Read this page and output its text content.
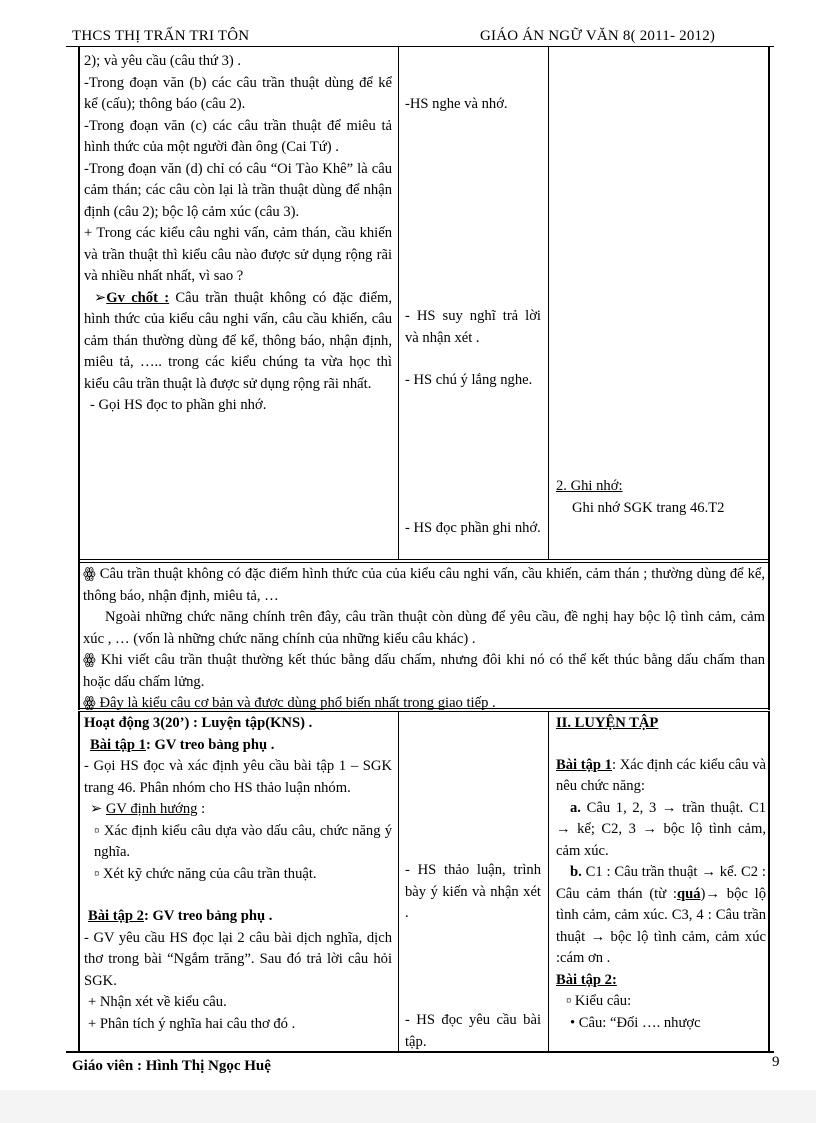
THCS THỊ TRẤN TRI TÔN	GIÁO ÁN NGỮ VĂN 8( 2011- 2012)
2); và yêu cầu (câu thứ 3) .
-Trong đoạn văn (b) các câu trần thuật dùng để kể kể (cấu); thông báo (câu 2).
-Trong đoạn văn (c) các câu trần thuật để miêu tả hình thức của một người đàn ông (Cai Tứ) .
-Trong đoạn văn (d) chỉ có câu “Oi Tào Khê” là câu cảm thán; các câu còn lại là trần thuật dùng để nhận định (câu 2); bộc lộ cảm xúc (câu 3).
+ Trong các kiểu câu nghi vấn, cảm thán, cầu khiến và trần thuật thì kiểu câu nào được sử dụng rộng rãi và nhiều nhất nhất, vì sao ?
➢Gv chốt : Câu trần thuật không có đặc điểm, hình thức của kiểu câu nghi vấn, câu cầu khiến, câu cảm thán thường dùng để kể, thông báo, nhận định, miêu tả, ….. trong các kiểu chúng ta vừa học thì kiểu câu trần thuật là được sử dụng rộng rãi nhất.
- Gọi HS đọc to phần ghi nhớ.
-HS nghe và nhớ.
- HS suy nghĩ trả lời và nhận xét .
- HS chú ý lắng nghe.
- HS đọc phần ghi nhớ.
2. Ghi nhớ:
Ghi nhớ SGK trang 46.T2
ꙮ Câu trần thuật không có đặc điểm hình thức của của kiểu câu nghi vấn, cầu khiến, cảm thán ; thường dùng để kể, thông báo, nhận định, miêu tả, …
Ngoài những chức năng chính trên đây, câu trần thuật còn dùng để yêu cầu, đề nghị hay bộc lộ tình cảm, cảm xúc , … (vốn là những chức năng chính của những kiểu câu khác) .
ꙮ Khi viết câu trần thuật thường kết thúc bằng dấu chấm, nhưng đôi khi nó có thể kết thúc bằng dấu chấm than hoặc dấu chấm lửng.
ꙮ Đây là kiểu câu cơ bản và được dùng phổ biến nhất trong giao tiếp .
Hoạt động 3(20’) : Luyện tập(KNS) .
Bài tập 1: GV treo bảng phụ .
- Gọi HS đọc và xác định yêu cầu bài tập 1 – SGK trang 46. Phân nhóm cho HS thảo luận nhóm.
➢ GV định hướng :
▫ Xác định kiểu câu dựa vào dấu câu, chức năng ý nghĩa.
▫ Xét kỹ chức năng của câu trần thuật.
Bài tập 2: GV treo bảng phụ .
- GV yêu cầu HS đọc lại 2 câu bài dịch nghĩa, dịch thơ trong bài “Ngắm trăng”. Sau đó trả lời câu hỏi SGK.
+ Nhận xét về kiểu câu.
+ Phân tích ý nghĩa hai câu thơ đó .
- HS thảo luận, trình bày ý kiến và nhận xét .
- HS đọc yêu cầu bài tập.
II. LUYỆN TẬP
Bài tập 1: Xác định các kiểu câu và nêu chức năng:
a. Câu 1, 2, 3 → trần thuật. C1 → kể; C2, 3 → bộc lộ tình cảm, cảm xúc.
b. C1 : Câu trần thuật → kể. C2 : Câu cảm thán (từ :quá)→ bộc lộ tình cảm, cảm xúc. C3, 4 : Câu trần thuật → bộc lộ tình cảm, cảm xúc :cám ơn .
Bài tập 2:
▫ Kiểu câu:
• Câu: “Đối …. nhược
Giáo viên : Hình Thị Ngọc Huệ	9
